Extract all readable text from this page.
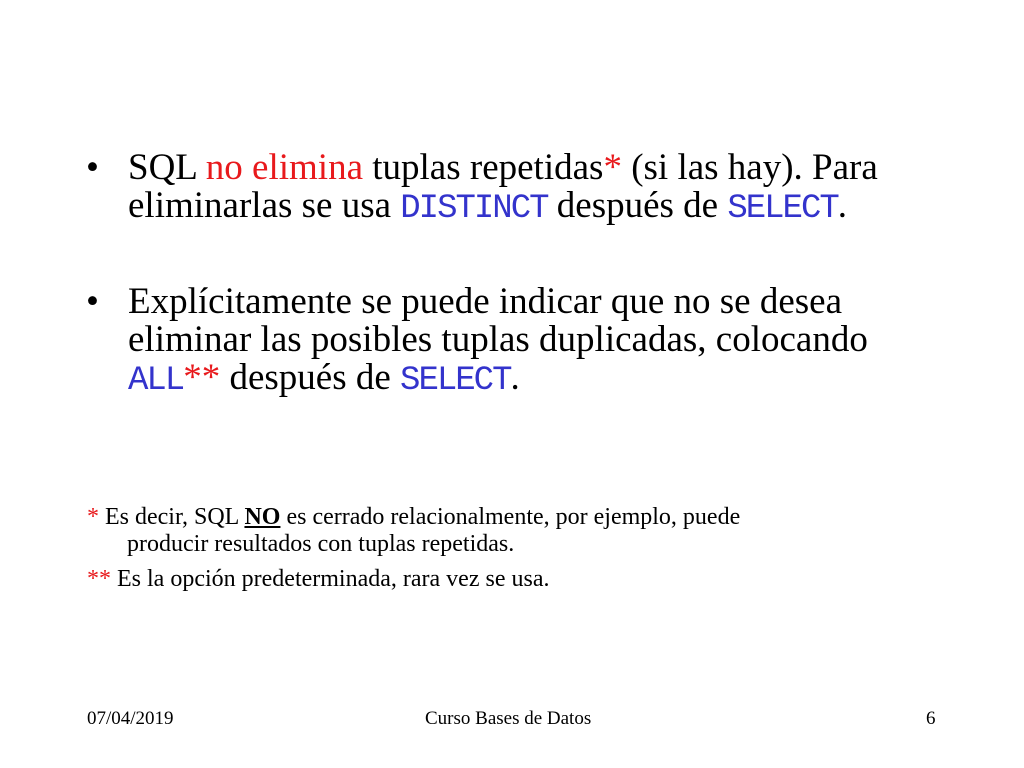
• SQL no elimina tuplas repetidas* (si las hay). Para eliminarlas se usa DISTINCT después de SELECT.
• Explícitamente se puede indicar que no se desea eliminar las posibles tuplas duplicadas, colocando ALL** después de SELECT.
* Es decir, SQL NO es cerrado relacionalmente, por ejemplo, puede
producir resultados con tuplas repetidas.
** Es la opción predeterminada, rara vez se usa.
07/04/2019	Curso Bases de Datos	6
